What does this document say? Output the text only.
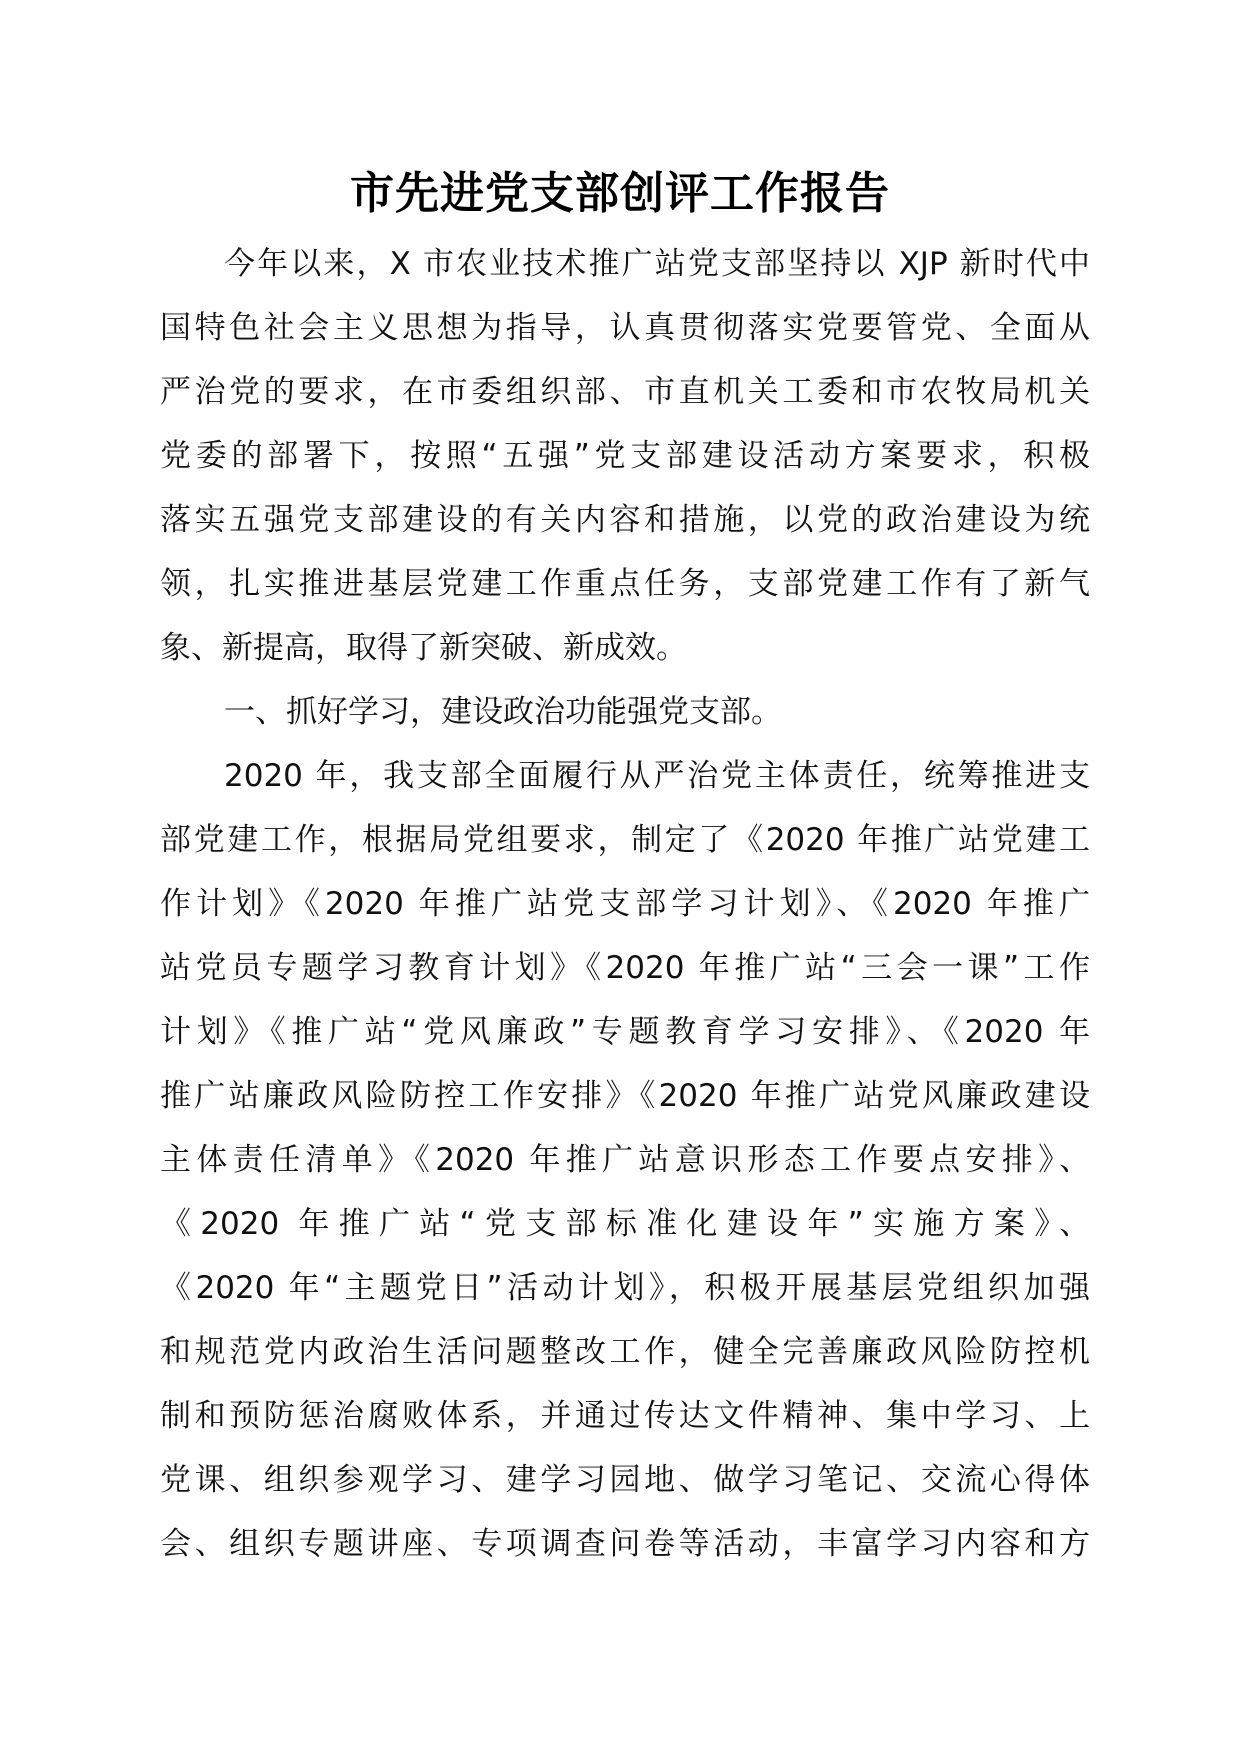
市先进党支部创评工作报告
今年以来，X 市农业技术推广站党支部坚持以 XJP 新时代中
国特色社会主义思想为指导，认真贯彻落实党要管党、全面从
严治党的要求，在市委组织部、市直机关工委和市农牧局机关
党委的部署下，按照“五强”党支部建设活动方案要求，积极
落实五强党支部建设的有关内容和措施，以党的政治建设为统
领，扎实推进基层党建工作重点任务，支部党建工作有了新气
象、新提高，取得了新突破、新成效。
一、抓好学习，建设政治功能强党支部。
2020 年，我支部全面履行从严治党主体责任，统筹推进支
部党建工作，根据局党组要求，制定了《2020 年推广站党建工
作计划》《2020 年推广站党支部学习计划》、《2020 年推广
站党员专题学习教育计划》《2020 年推广站“三会一课”工作
计划》《推广站“党风廉政”专题教育学习安排》、《2020 年
推广站廉政风险防控工作安排》《2020 年推广站党风廉政建设
主体责任清单》《2020 年推广站意识形态工作要点安排》、
《2020 年推广站“党支部标准化建设年”实施方案》、
《2020 年“主题党日”活动计划》，积极开展基层党组织加强
和规范党内政治生活问题整改工作，健全完善廉政风险防控机
制和预防惩治腐败体系，并通过传达文件精神、集中学习、上
党课、组织参观学习、建学习园地、做学习笔记、交流心得体
会、组织专题讲座、专项调查问卷等活动，丰富学习内容和方
